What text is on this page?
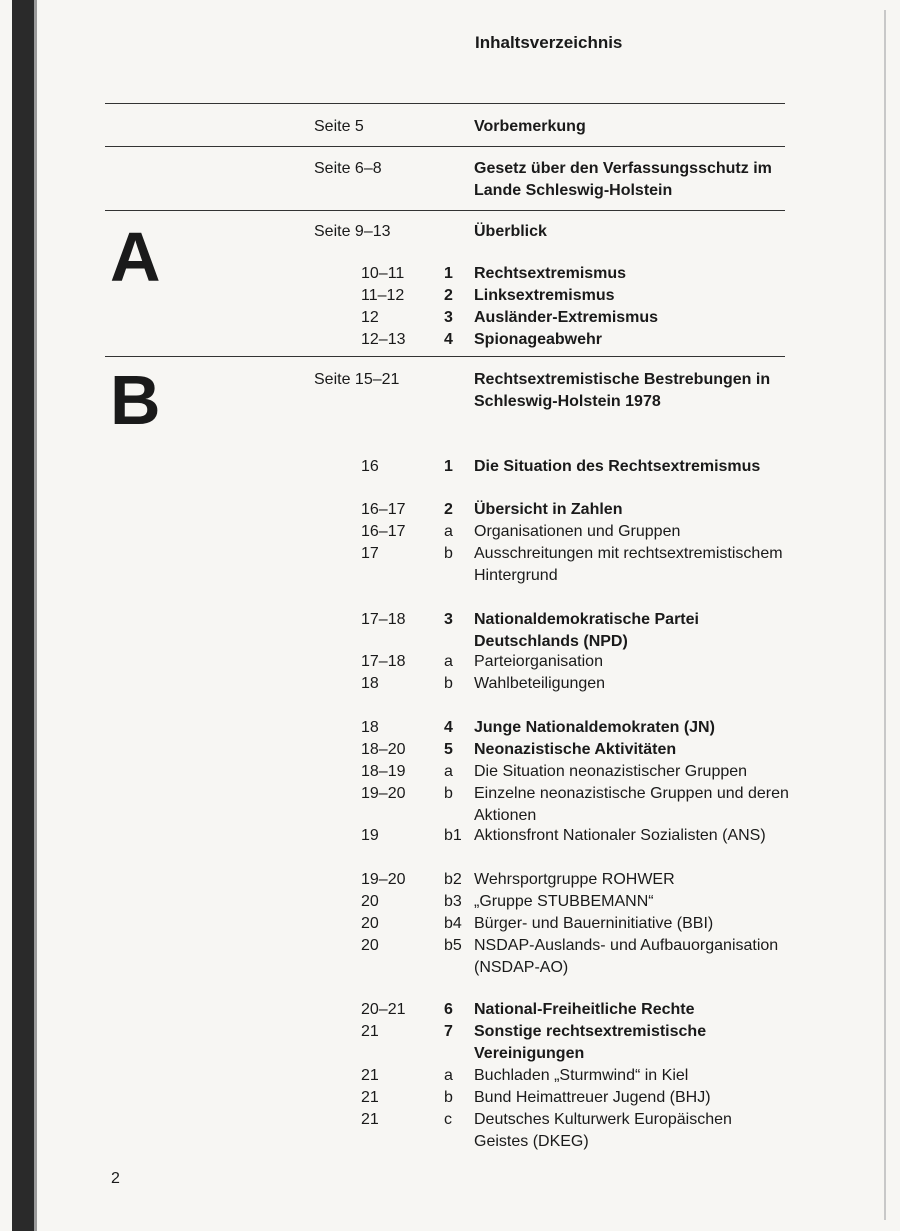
Inhaltsverzeichnis
A
B
Seite 5	Vorbemerkung
Seite 6–8	Gesetz über den Verfassungsschutz im Lande Schleswig-Holstein
Seite 9–13	Überblick
10–11 1 Rechtsextremismus
11–12 2 Linksextremismus
12	3 Ausländer-Extremismus
12–13 4 Spionageabwehr
Seite 15–21	Rechtsextremistische Bestrebungen in Schleswig-Holstein 1978
16	1 Die Situation des Rechtsextremismus
16–17 2 Übersicht in Zahlen
16–17 a Organisationen und Gruppen
17	b Ausschreitungen mit rechtsextremistischem Hintergrund
17–18 3 Nationaldemokratische Partei Deutschlands (NPD)
17–18 a Parteiorganisation
18	b Wahlbeteiligungen
18	4 Junge Nationaldemokraten (JN)
18–20 5 Neonazistische Aktivitäten
18–19 a Die Situation neonazistischer Gruppen
19–20 b Einzelne neonazistische Gruppen und deren Aktionen
19	b1 Aktionsfront Nationaler Sozialisten (ANS)
19–20 b2 Wehrsportgruppe ROHWER
20	b3 „Gruppe STUBBEMANN“
20	b4 Bürger- und Bauerninitiative (BBI)
20	b5 NSDAP-Auslands- und Aufbauorganisation (NSDAP-AO)
20–21 6 National-Freiheitliche Rechte
21	7 Sonstige rechtsextremistische Vereinigungen
21	a Buchladen „Sturmwind“ in Kiel
21	b Bund Heimattreuer Jugend (BHJ)
21	c Deutsches Kulturwerk Europäischen Geistes (DKEG)
2
